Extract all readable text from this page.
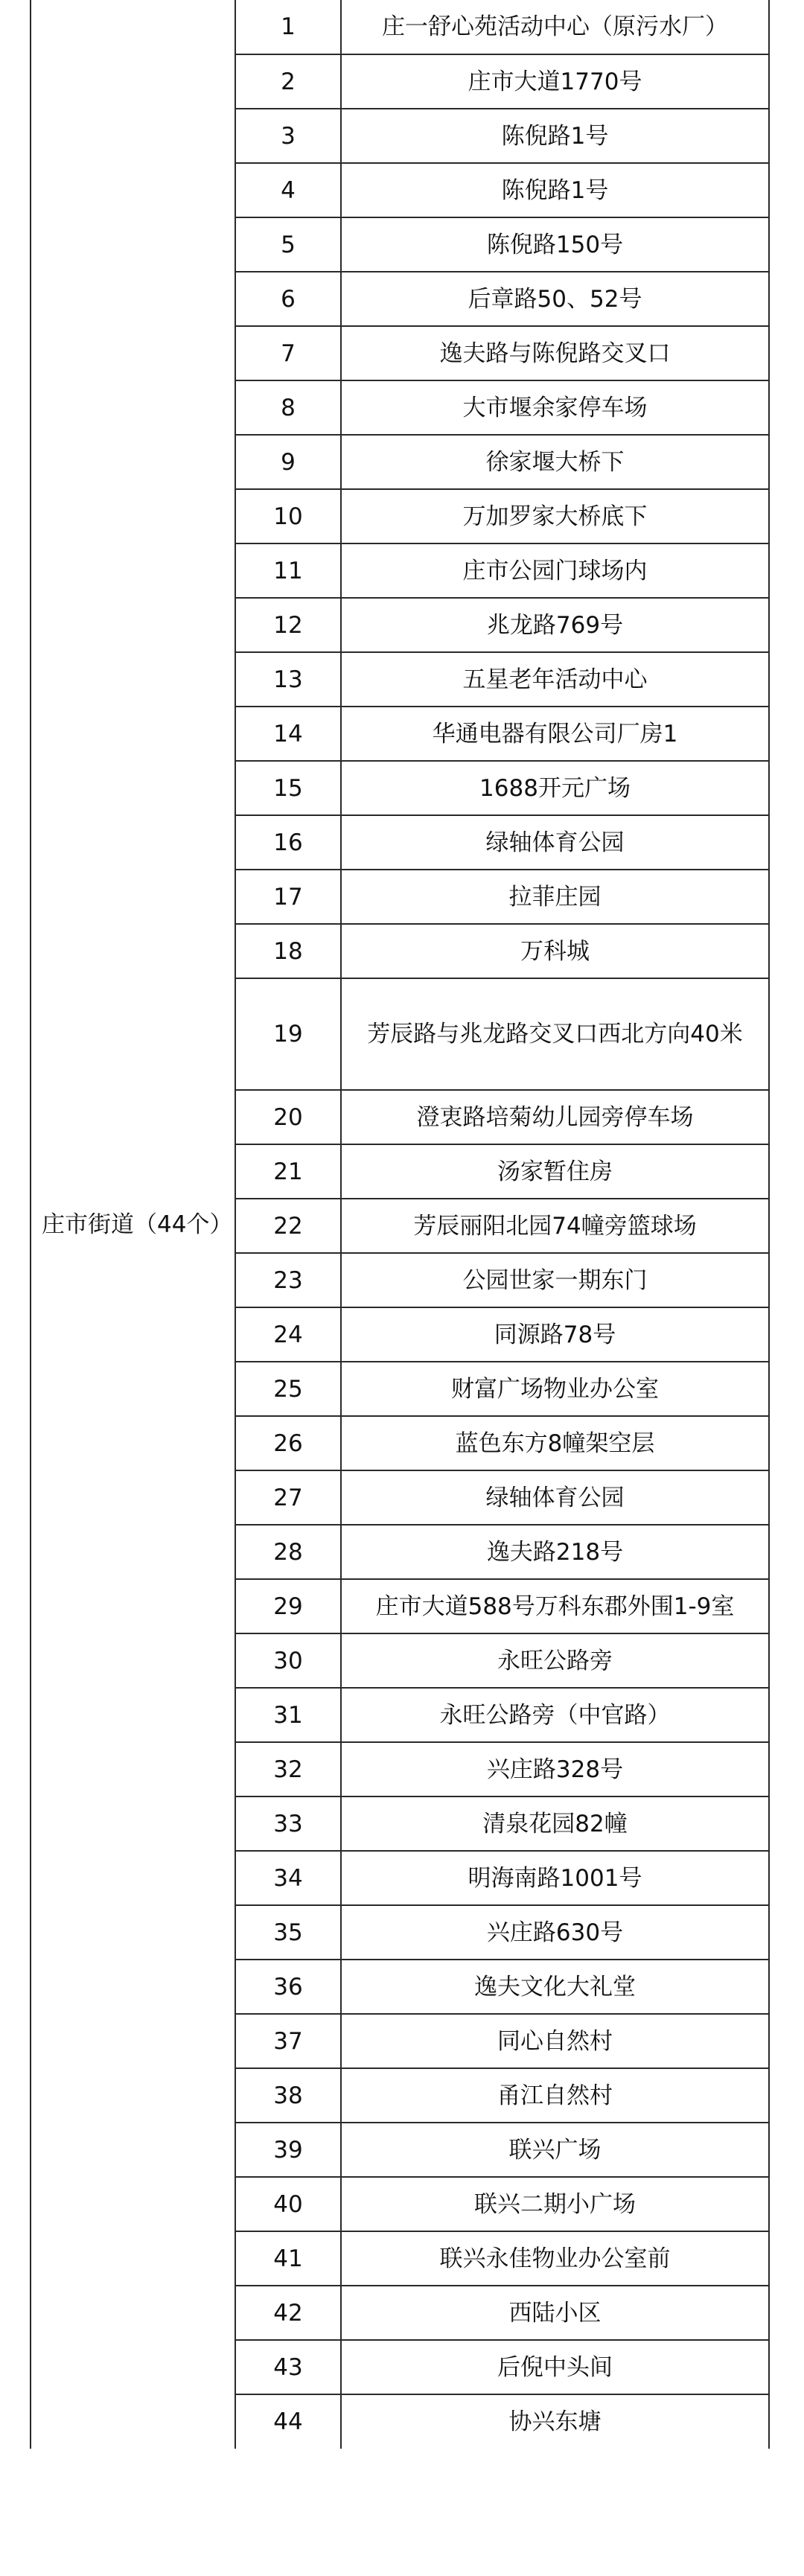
庄市街道（44个）	1	庄一舒心苑活动中心（原污水厂）
	2	庄市大道1770号
	3	陈倪路1号
	4	陈倪路1号
	5	陈倪路150号
	6	后章路50、52号
	7	逸夫路与陈倪路交叉口
	8	大市堰余家停车场
	9	徐家堰大桥下
	10	万加罗家大桥底下
	11	庄市公园门球场内
	12	兆龙路769号
	13	五星老年活动中心
	14	华通电器有限公司厂房1
	15	1688开元广场
	16	绿轴体育公园
	17	拉菲庄园
	18	万科城
	19	芳辰路与兆龙路交叉口西北方向40米
	20	澄衷路培菊幼儿园旁停车场
	21	汤家暂住房
	22	芳辰丽阳北园74幢旁篮球场
	23	公园世家一期东门
	24	同源路78号
	25	财富广场物业办公室
	26	蓝色东方8幢架空层
	27	绿轴体育公园
	28	逸夫路218号
	29	庄市大道588号万科东郡外围1-9室
	30	永旺公路旁
	31	永旺公路旁（中官路）
	32	兴庄路328号
	33	清泉花园82幢
	34	明海南路1001号
	35	兴庄路630号
	36	逸夫文化大礼堂
	37	同心自然村
	38	甬江自然村
	39	联兴广场
	40	联兴二期小广场
	41	联兴永佳物业办公室前
	42	西陆小区
	43	后倪中头间
	44	协兴东塘
